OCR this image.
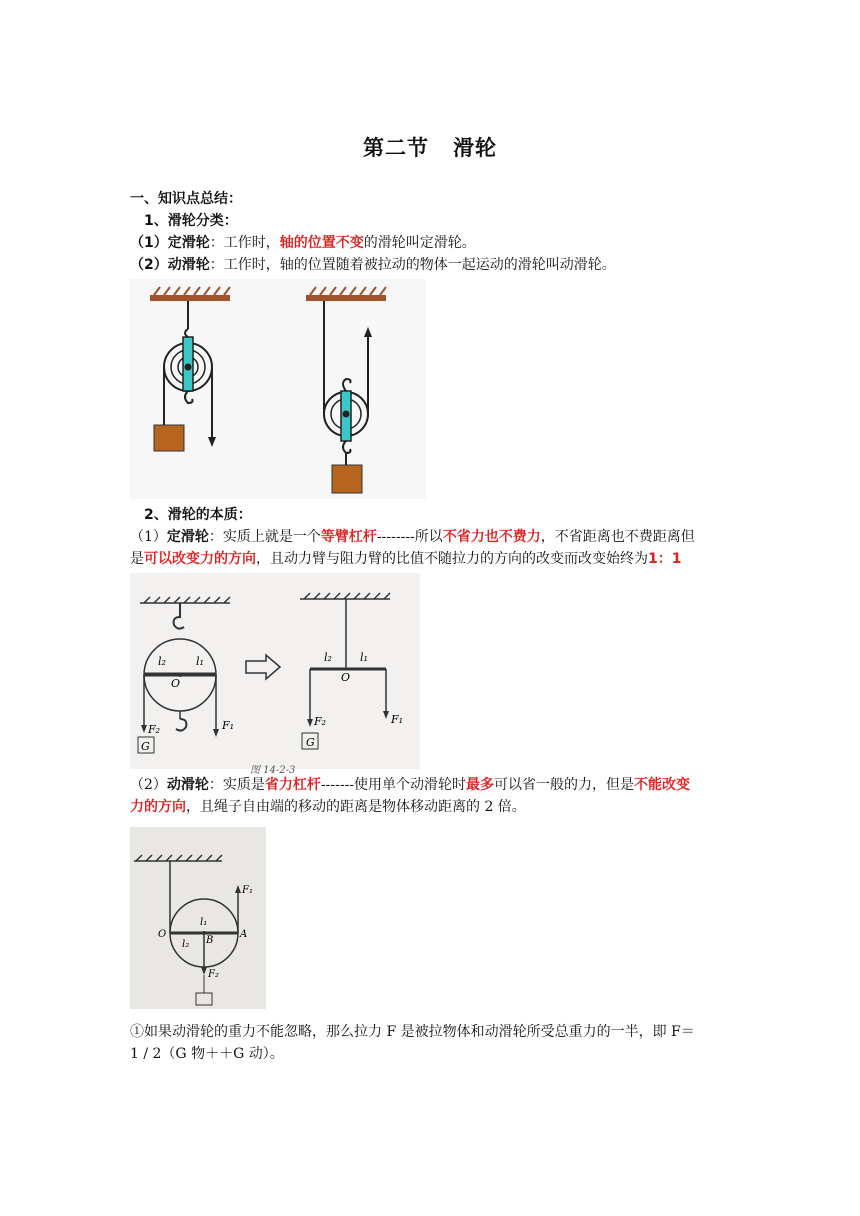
第二节 滑轮
一、知识点总结：
1、滑轮分类：
（1）定滑轮：工作时，轴的位置不变的滑轮叫定滑轮。
（2）动滑轮：工作时，轴的位置随着被拉动的物体一起运动的滑轮叫动滑轮。
2、滑轮的本质：
（1）定滑轮：实质上就是一个等臂杠杆--------所以不省力也不费力，不省距离也不费距离但
是可以改变力的方向，且动力臂与阻力臂的比值不随拉力的方向的改变而改变始终为1：1
l₂	l₁
O
F₂	F₁
G
l₂	l₁
O
F₂	F₁
G
图 14-2-3
（2）动滑轮：实质是省力杠杆-------使用单个动滑轮时最多可以省一般的力，但是不能改变
力的方向，且绳子自由端的移动的距离是物体移动距离的 2 倍。
l₁
l₂
O
B
A
F₁
F₂
①如果动滑轮的重力不能忽略，那么拉力 F 是被拉物体和动滑轮所受总重力的一半，即 F＝
1 / 2（G 物＋＋G 动）。
